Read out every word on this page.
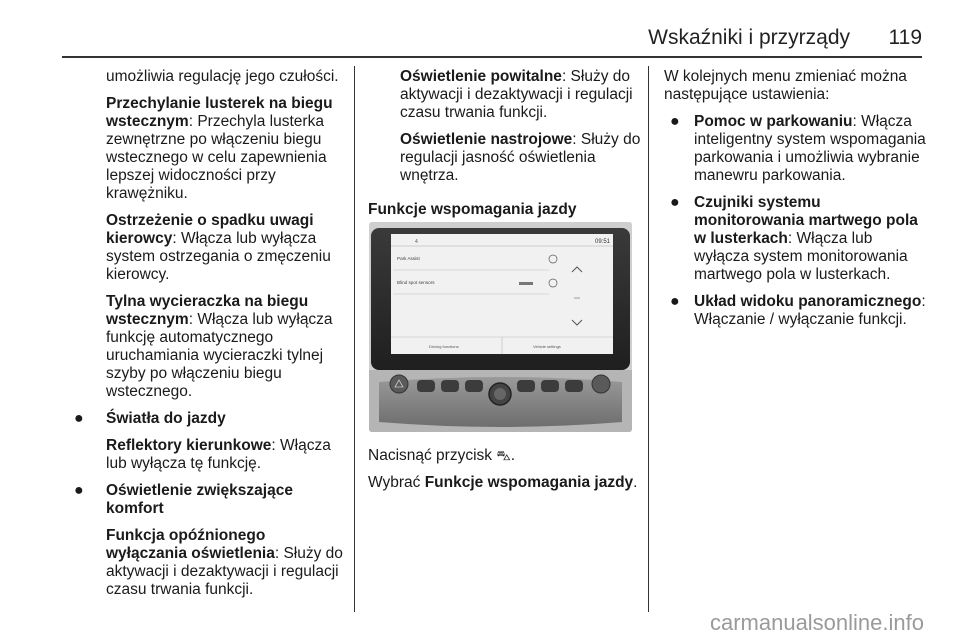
Wskaźniki i przyrządy 119

umożliwia regulację jego czułości.

Przechylanie lusterek na biegu wstecznym: Przechyla lusterka zewnętrzne po włączeniu biegu wstecznego w celu zapewnienia lepszej widoczności przy krawężniku.

Ostrzeżenie o spadku uwagi kierowcy: Włącza lub wyłącza system ostrzegania o zmęczeniu kierowcy.

Tylna wycieraczka na biegu wstecznym: Włącza lub wyłącza funkcję automatycznego uruchamiania wycieraczki tylnej szyby po włączeniu biegu wstecznego.

●	Światła do jazdy

Reflektory kierunkowe: Włącza lub wyłącza tę funkcję.

●	Oświetlenie zwiększające komfort

Funkcja opóźnionego wyłączania oświetlenia: Służy do aktywacji i dezaktywacji i regulacji czasu trwania funkcji.

Oświetlenie powitalne: Służy do aktywacji i dezaktywacji i regulacji czasu trwania funkcji.

Oświetlenie nastrojowe: Służy do regulacji jasność oświetlenia wnętrza.

Funkcje wspomagania jazdy

4	09:51
Park Assist
Blind spot sensors
Driving functions	Vehicle settings

Nacisnąć przycisk ⛍.

Wybrać Funkcje wspomagania jazdy.

W kolejnych menu zmieniać można następujące ustawienia:

● Pomoc w parkowaniu: Włącza inteligentny system wspomagania parkowania i umożliwia wybranie manewru parkowania.
● Czujniki systemu monitorowania martwego pola w lusterkach: Włącza lub wyłącza system monitorowania martwego pola w lusterkach.
● Układ widoku panoramicznego: Włączanie / wyłączanie funkcji.
carmanualsonline.info
